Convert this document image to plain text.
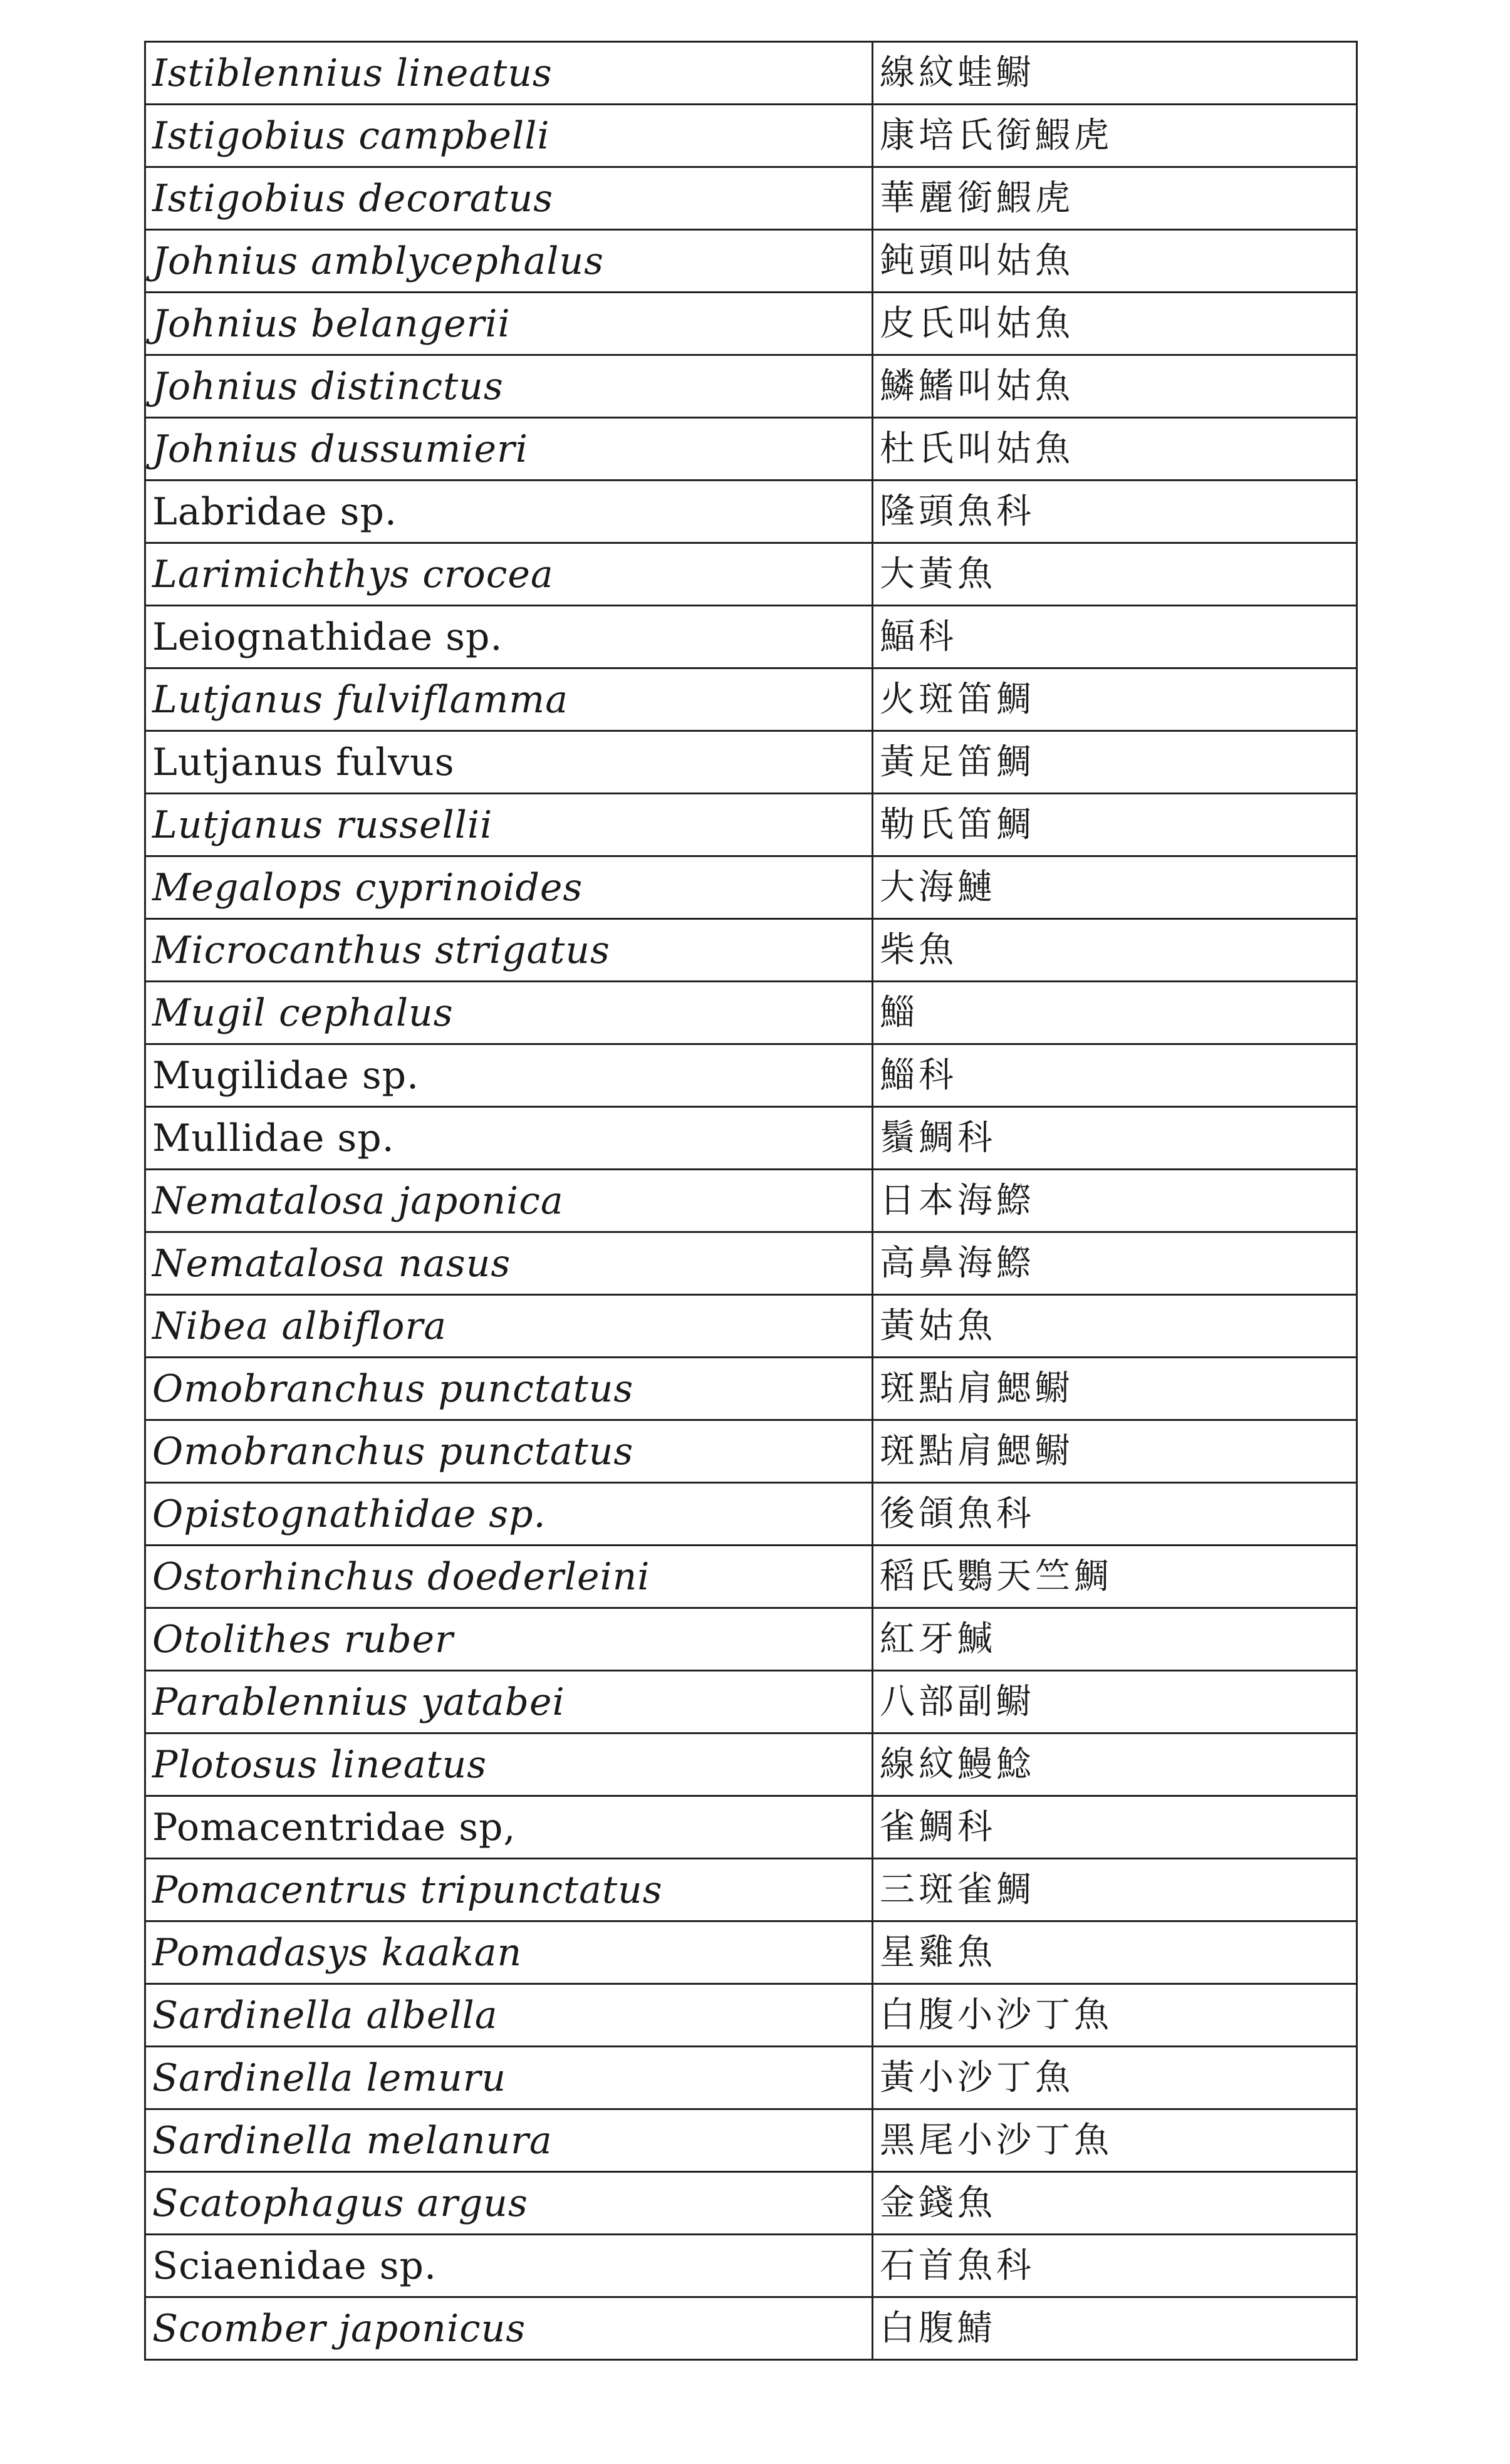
Istiblennius lineatus	線紋蛙鳚
Istigobius campbelli	康培氏銜鰕虎
Istigobius decoratus	華麗銜鰕虎
Johnius amblycephalus	鈍頭叫姑魚
Johnius belangerii	皮氏叫姑魚
Johnius distinctus	鱗鰭叫姑魚
Johnius dussumieri	杜氏叫姑魚
Labridae sp.	隆頭魚科
Larimichthys crocea	大黃魚
Leiognathidae sp.	鰏科
Lutjanus fulviflamma	火斑笛鯛
Lutjanus fulvus	黃足笛鯛
Lutjanus russellii	勒氏笛鯛
Megalops cyprinoides	大海鰱
Microcanthus strigatus	柴魚
Mugil cephalus	鯔
Mugilidae sp.	鯔科
Mullidae sp.	鬚鯛科
Nematalosa japonica	日本海鰶
Nematalosa nasus	高鼻海鰶
Nibea albiflora	黃姑魚
Omobranchus punctatus	斑點肩鰓鳚
Omobranchus punctatus	斑點肩鰓鳚
Opistognathidae sp.	後頜魚科
Ostorhinchus doederleini	稻氏鸚天竺鯛
Otolithes ruber	紅牙鰔
Parablennius yatabei	八部副鳚
Plotosus lineatus	線紋鰻鯰
Pomacentridae sp,	雀鯛科
Pomacentrus tripunctatus	三斑雀鯛
Pomadasys kaakan	星雞魚
Sardinella albella	白腹小沙丁魚
Sardinella lemuru	黃小沙丁魚
Sardinella melanura	黑尾小沙丁魚
Scatophagus argus	金錢魚
Sciaenidae sp.	石首魚科
Scomber japonicus	白腹鯖
